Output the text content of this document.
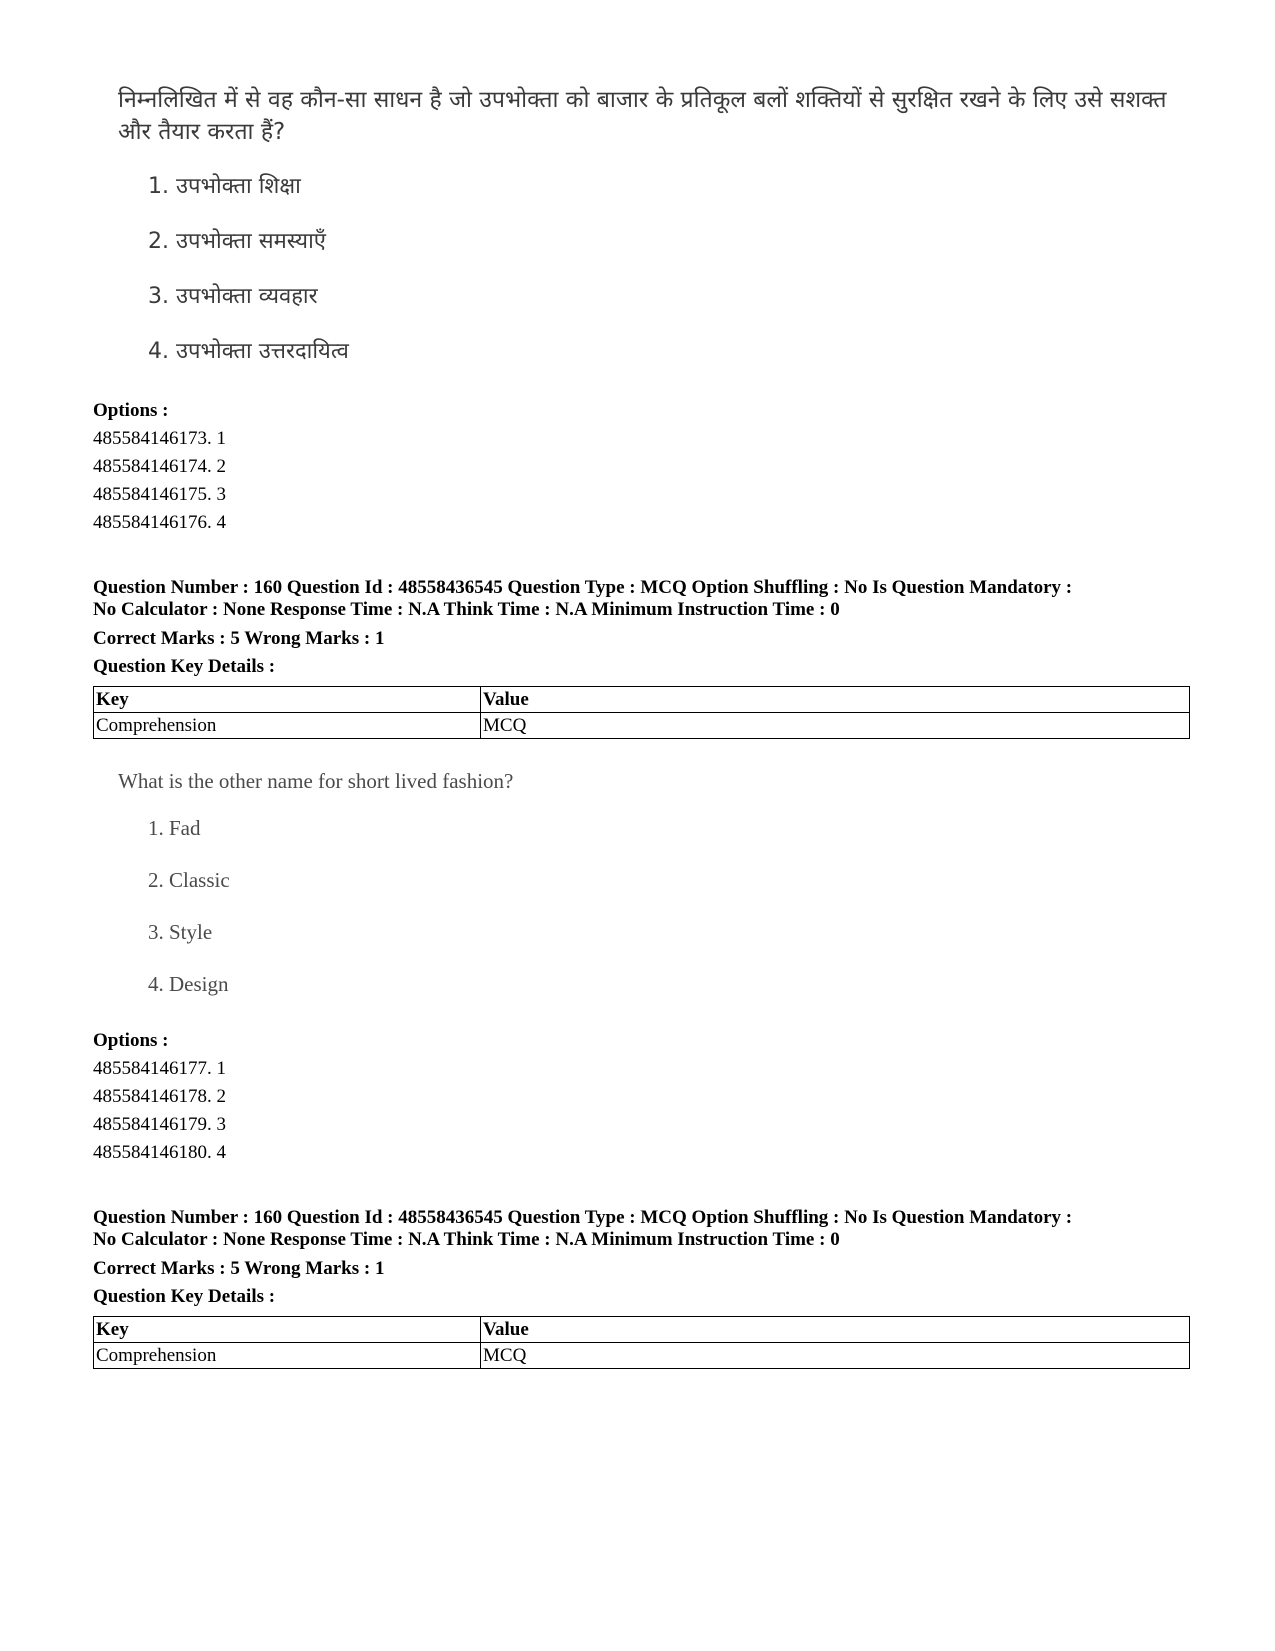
निम्नलिखित में से वह कौन-सा साधन है जो उपभोक्ता को बाजार के प्रतिकूल बलों शक्तियों से सुरक्षित रखने के लिए उसे सशक्त और तैयार करता हैं?

1. उपभोक्ता शिक्षा
2. उपभोक्ता समस्याएँ
3. उपभोक्ता व्यवहार
4. उपभोक्ता उत्तरदायित्व
Options :
485584146173. 1
485584146174. 2
485584146175. 3
485584146176. 4
Question Number : 160 Question Id : 48558436545 Question Type : MCQ Option Shuffling : No Is Question Mandatory :
No Calculator : None Response Time : N.A Think Time : N.A Minimum Instruction Time : 0
Correct Marks : 5 Wrong Marks : 1
Question Key Details :
Key	Value
Comprehension	MCQ

What is the other name for short lived fashion?

1. Fad
2. Classic
3. Style
4. Design
Options :
485584146177. 1
485584146178. 2
485584146179. 3
485584146180. 4
Question Number : 160 Question Id : 48558436545 Question Type : MCQ Option Shuffling : No Is Question Mandatory :
No Calculator : None Response Time : N.A Think Time : N.A Minimum Instruction Time : 0
Correct Marks : 5 Wrong Marks : 1
Question Key Details :
Key	Value
Comprehension	MCQ
